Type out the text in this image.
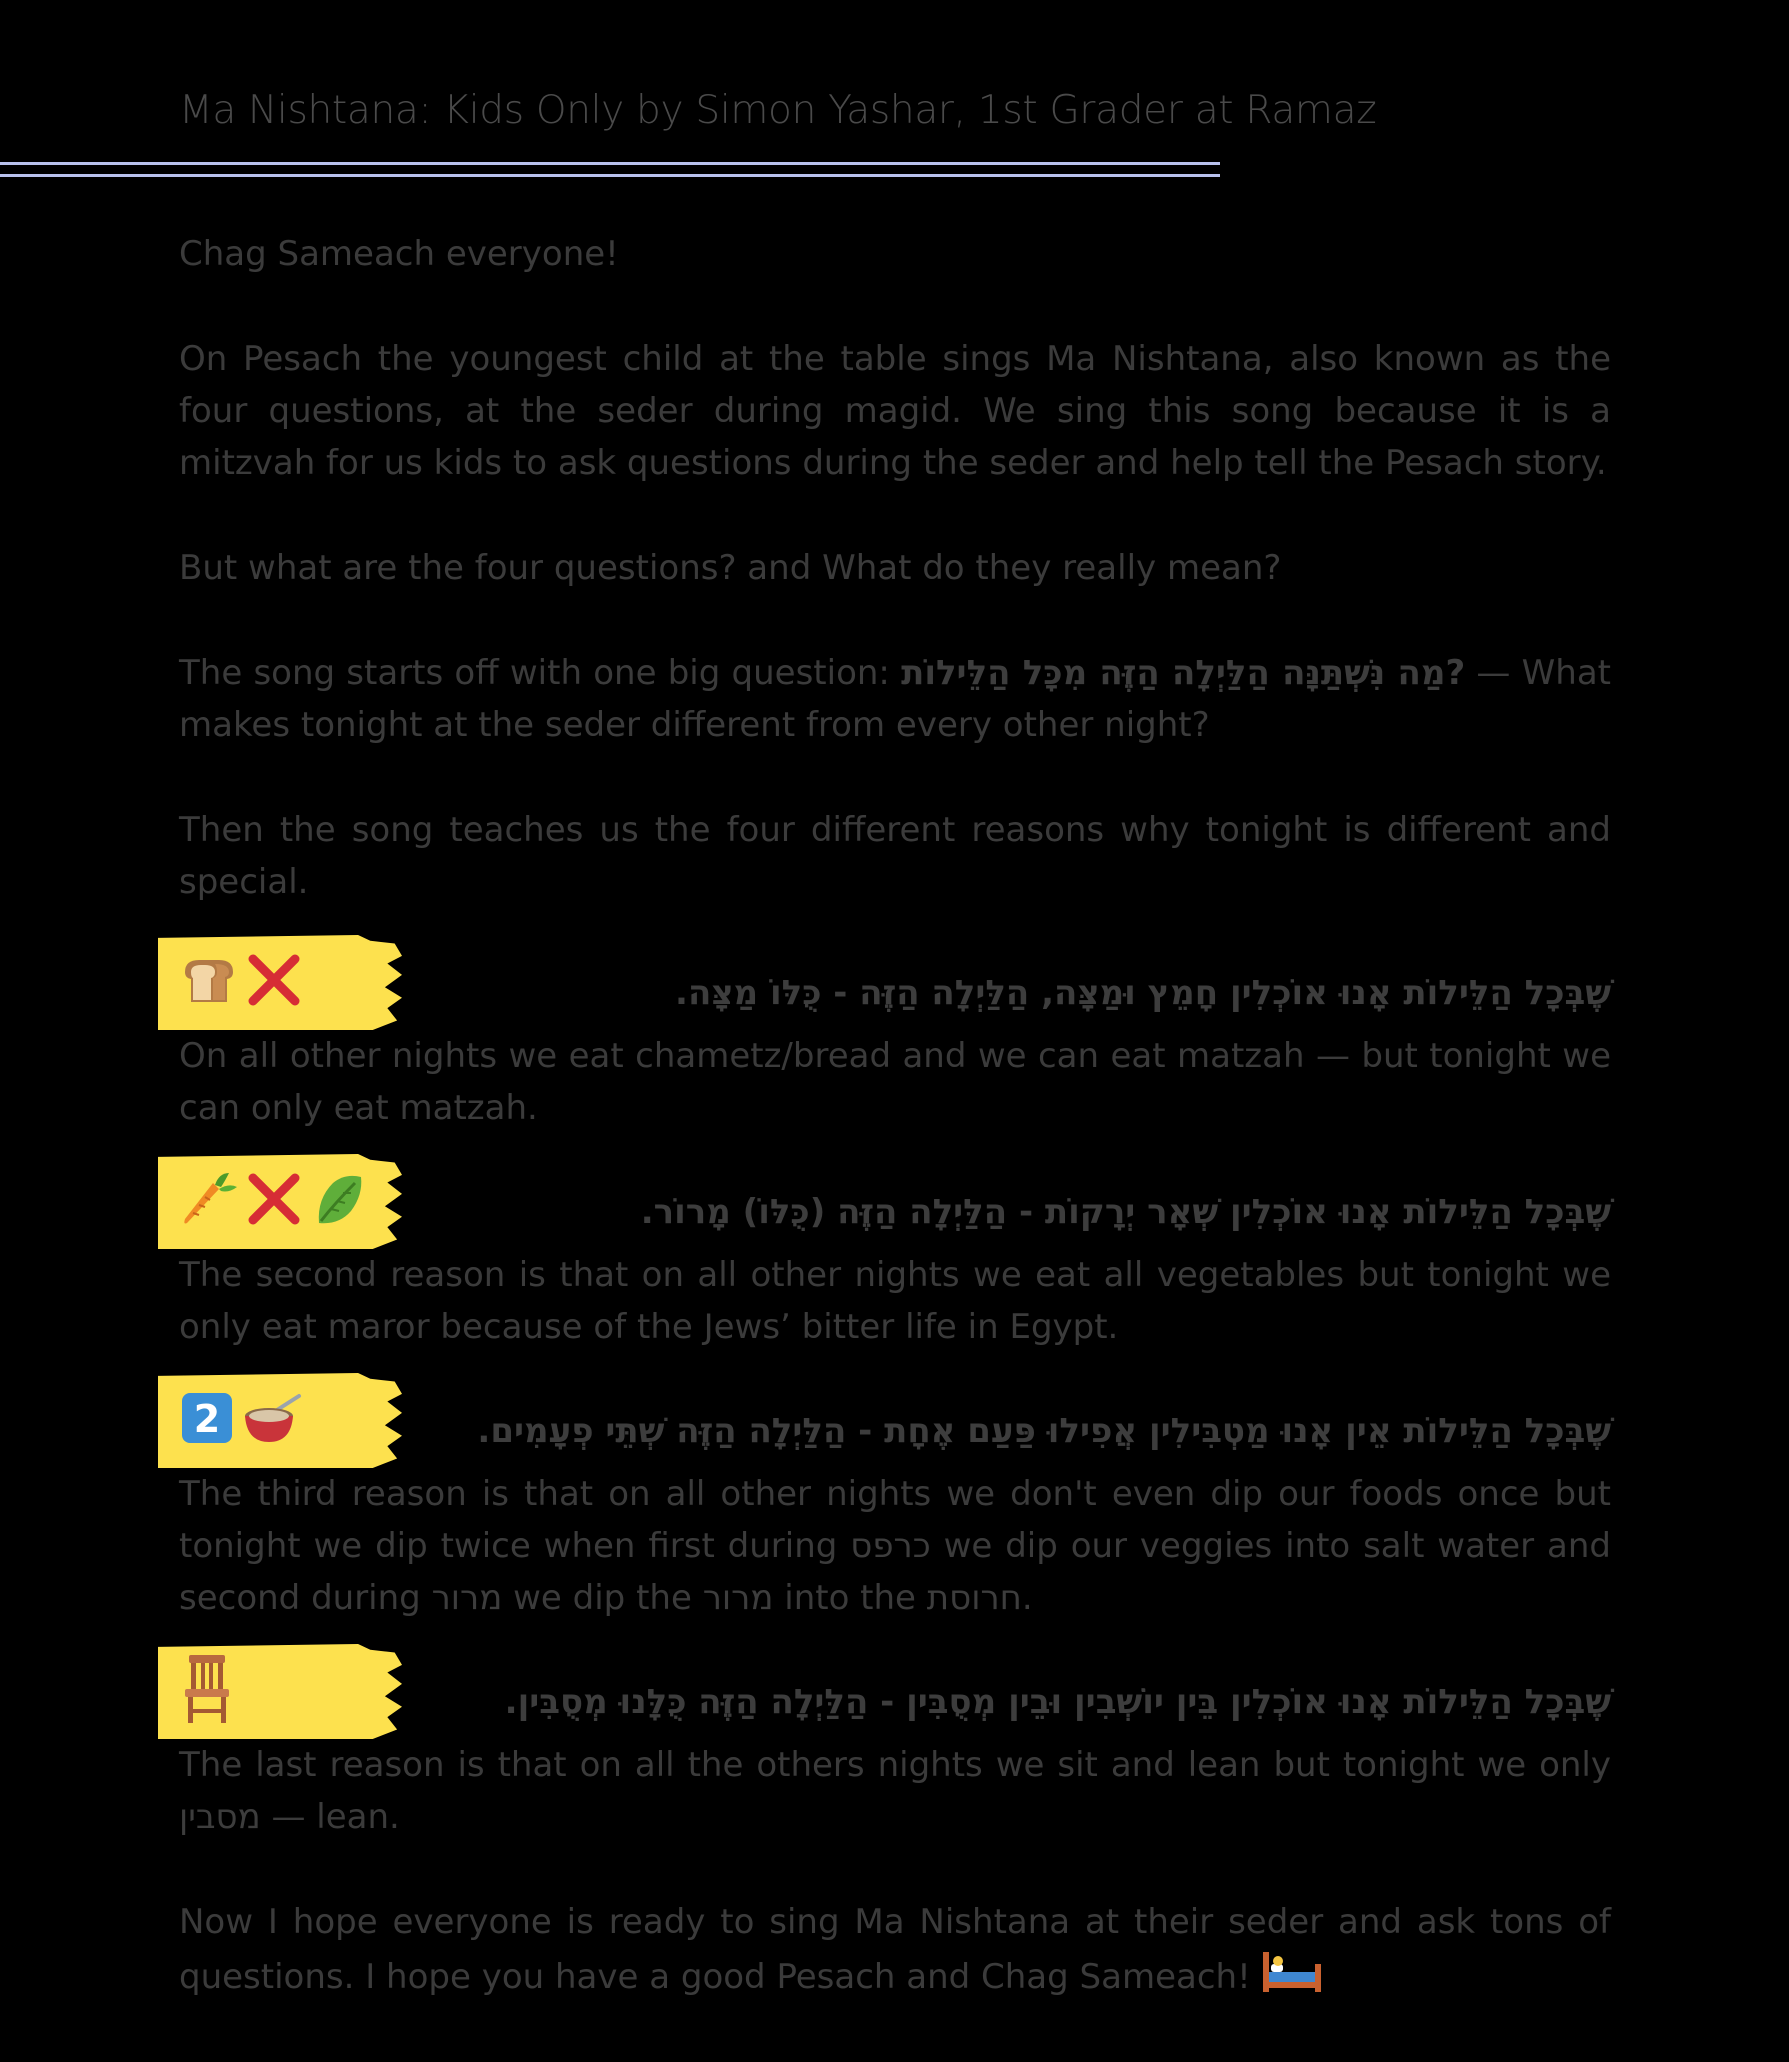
Ma Nishtana: Kids Only by Simon Yashar, 1st Grader at Ramaz

Chag Sameach everyone!

On Pesach the youngest child at the table sings Ma Nishtana, also known as the four questions, at the seder during magid. We sing this song because it is a mitzvah for us kids to ask questions during the seder and help tell the Pesach story.

But what are the four questions? and What do they really mean?

The song starts off with one big question: ?מַה נִּשְׁתַּנָּה הַלַּיְלָה הַזֶּה מִכָּל הַלֵּילוֹת — What makes tonight at the seder different from every other night?

Then the song teaches us the four different reasons why tonight is different and special.

שֶׁבְּכָל הַלֵּילוֹת אָנוּ אוֹכְלִין חָמֵץ וּמַצָּה, הַלַּיְלָה הַזֶּה - כֻּלּוֹ מַצָּה.

On all other nights we eat chametz/bread and we can eat matzah — but tonight we can only eat matzah.

שֶׁבְּכָל הַלֵּילוֹת אָנוּ אוֹכְלִין שְׁאָר יְרָקוֹת - הַלַּיְלָה הַזֶּה (כֻּלּוֹ) מָרוֹר.

The second reason is that on all other nights we eat all vegetables but tonight we only eat maror because of the Jews’ bitter life in Egypt.

2	שֶׁבְּכָל הַלֵּילוֹת אֵין אָנוּ מַטְבִּילִין אֲפִילוּ פַּעַם אֶחָת - הַלַּיְלָה הַזֶּה שְׁתֵּי פְעָמִים.

The third reason is that on all other nights we don't even dip our foods once but tonight we dip twice when first during כרפס we dip our veggies into salt water and second during מרור we dip the מרור into the חרוסת.

שֶׁבְּכָל הַלֵּילוֹת אָנוּ אוֹכְלִין בֵּין יוֹשְׁבִין וּבֵין מְסֻבִּין - הַלַּיְלָה הַזֶּה כֻּלָּנוּ מְסֻבִּין.

The last reason is that on all the others nights we sit and lean but tonight we only מסבין — lean.

Now I hope everyone is ready to sing Ma Nishtana at their seder and ask tons of questions. I hope you have a good Pesach and Chag Sameach!
